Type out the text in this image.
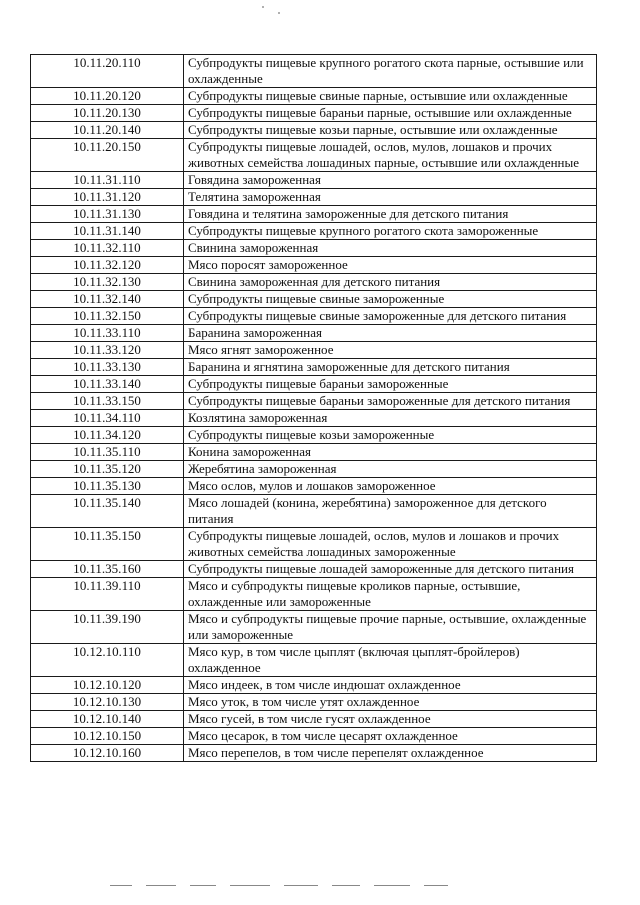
10.11.20.110	Субпродукты пищевые крупного рогатого скота парные, остывшие или охлажденные
10.11.20.120	Субпродукты пищевые свиные парные, остывшие или охлажденные
10.11.20.130	Субпродукты пищевые бараньи парные, остывшие или охлажденные
10.11.20.140	Субпродукты пищевые козьи парные, остывшие или охлажденные
10.11.20.150	Субпродукты пищевые лошадей, ослов, мулов, лошаков и прочих животных семейства лошадиных парные, остывшие или охлажденные
10.11.31.110	Говядина замороженная
10.11.31.120	Телятина замороженная
10.11.31.130	Говядина и телятина замороженные для детского питания
10.11.31.140	Субпродукты пищевые крупного рогатого скота замороженные
10.11.32.110	Свинина замороженная
10.11.32.120	Мясо поросят замороженное
10.11.32.130	Свинина замороженная для детского питания
10.11.32.140	Субпродукты пищевые свиные замороженные
10.11.32.150	Субпродукты пищевые свиные замороженные для детского питания
10.11.33.110	Баранина замороженная
10.11.33.120	Мясо ягнят замороженное
10.11.33.130	Баранина и ягнятина замороженные для детского питания
10.11.33.140	Субпродукты пищевые бараньи замороженные
10.11.33.150	Субпродукты пищевые бараньи замороженные для детского питания
10.11.34.110	Козлятина замороженная
10.11.34.120	Субпродукты пищевые козьи замороженные
10.11.35.110	Конина замороженная
10.11.35.120	Жеребятина замороженная
10.11.35.130	Мясо ослов, мулов и лошаков замороженное
10.11.35.140	Мясо лошадей (конина, жеребятина) замороженное для детского питания
10.11.35.150	Субпродукты пищевые лошадей, ослов, мулов и лошаков и прочих животных семейства лошадиных замороженные
10.11.35.160	Субпродукты пищевые лошадей замороженные для детского питания
10.11.39.110	Мясо и субпродукты пищевые кроликов парные, остывшие, охлажденные или замороженные
10.11.39.190	Мясо и субпродукты пищевые прочие парные, остывшие, охлажденные или замороженные
10.12.10.110	Мясо кур, в том числе цыплят (включая цыплят-бройлеров) охлажденное
10.12.10.120	Мясо индеек, в том числе индюшат охлажденное
10.12.10.130	Мясо уток, в том числе утят охлажденное
10.12.10.140	Мясо гусей, в том числе гусят охлажденное
10.12.10.150	Мясо цесарок, в том числе цесарят охлажденное
10.12.10.160	Мясо перепелов, в том числе перепелят охлажденное
